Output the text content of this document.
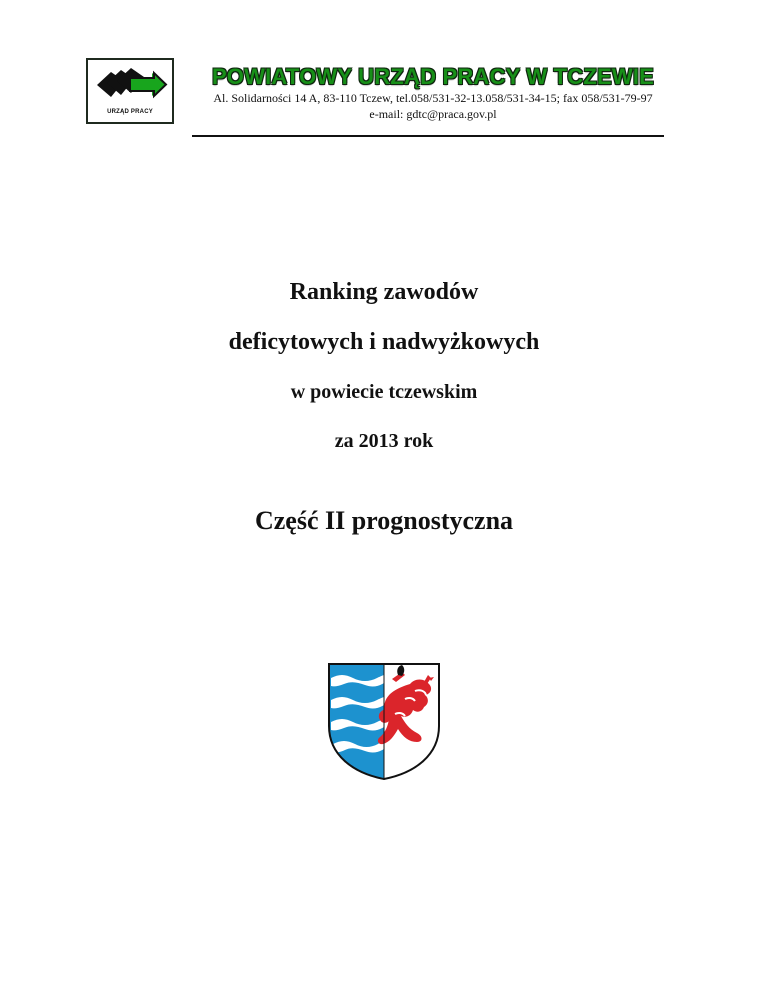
URZĄD PRACY
POWIATOWY URZĄD PRACY W TCZEWIE
Al. Solidarności 14 A, 83-110 Tczew, tel.058/531-32-13.058/531-34-15; fax 058/531-79-97
e-mail: gdtc@praca.gov.pl
Ranking zawodów
deficytowych i nadwyżkowych
w powiecie tczewskim
za 2013 rok
Część II prognostyczna
